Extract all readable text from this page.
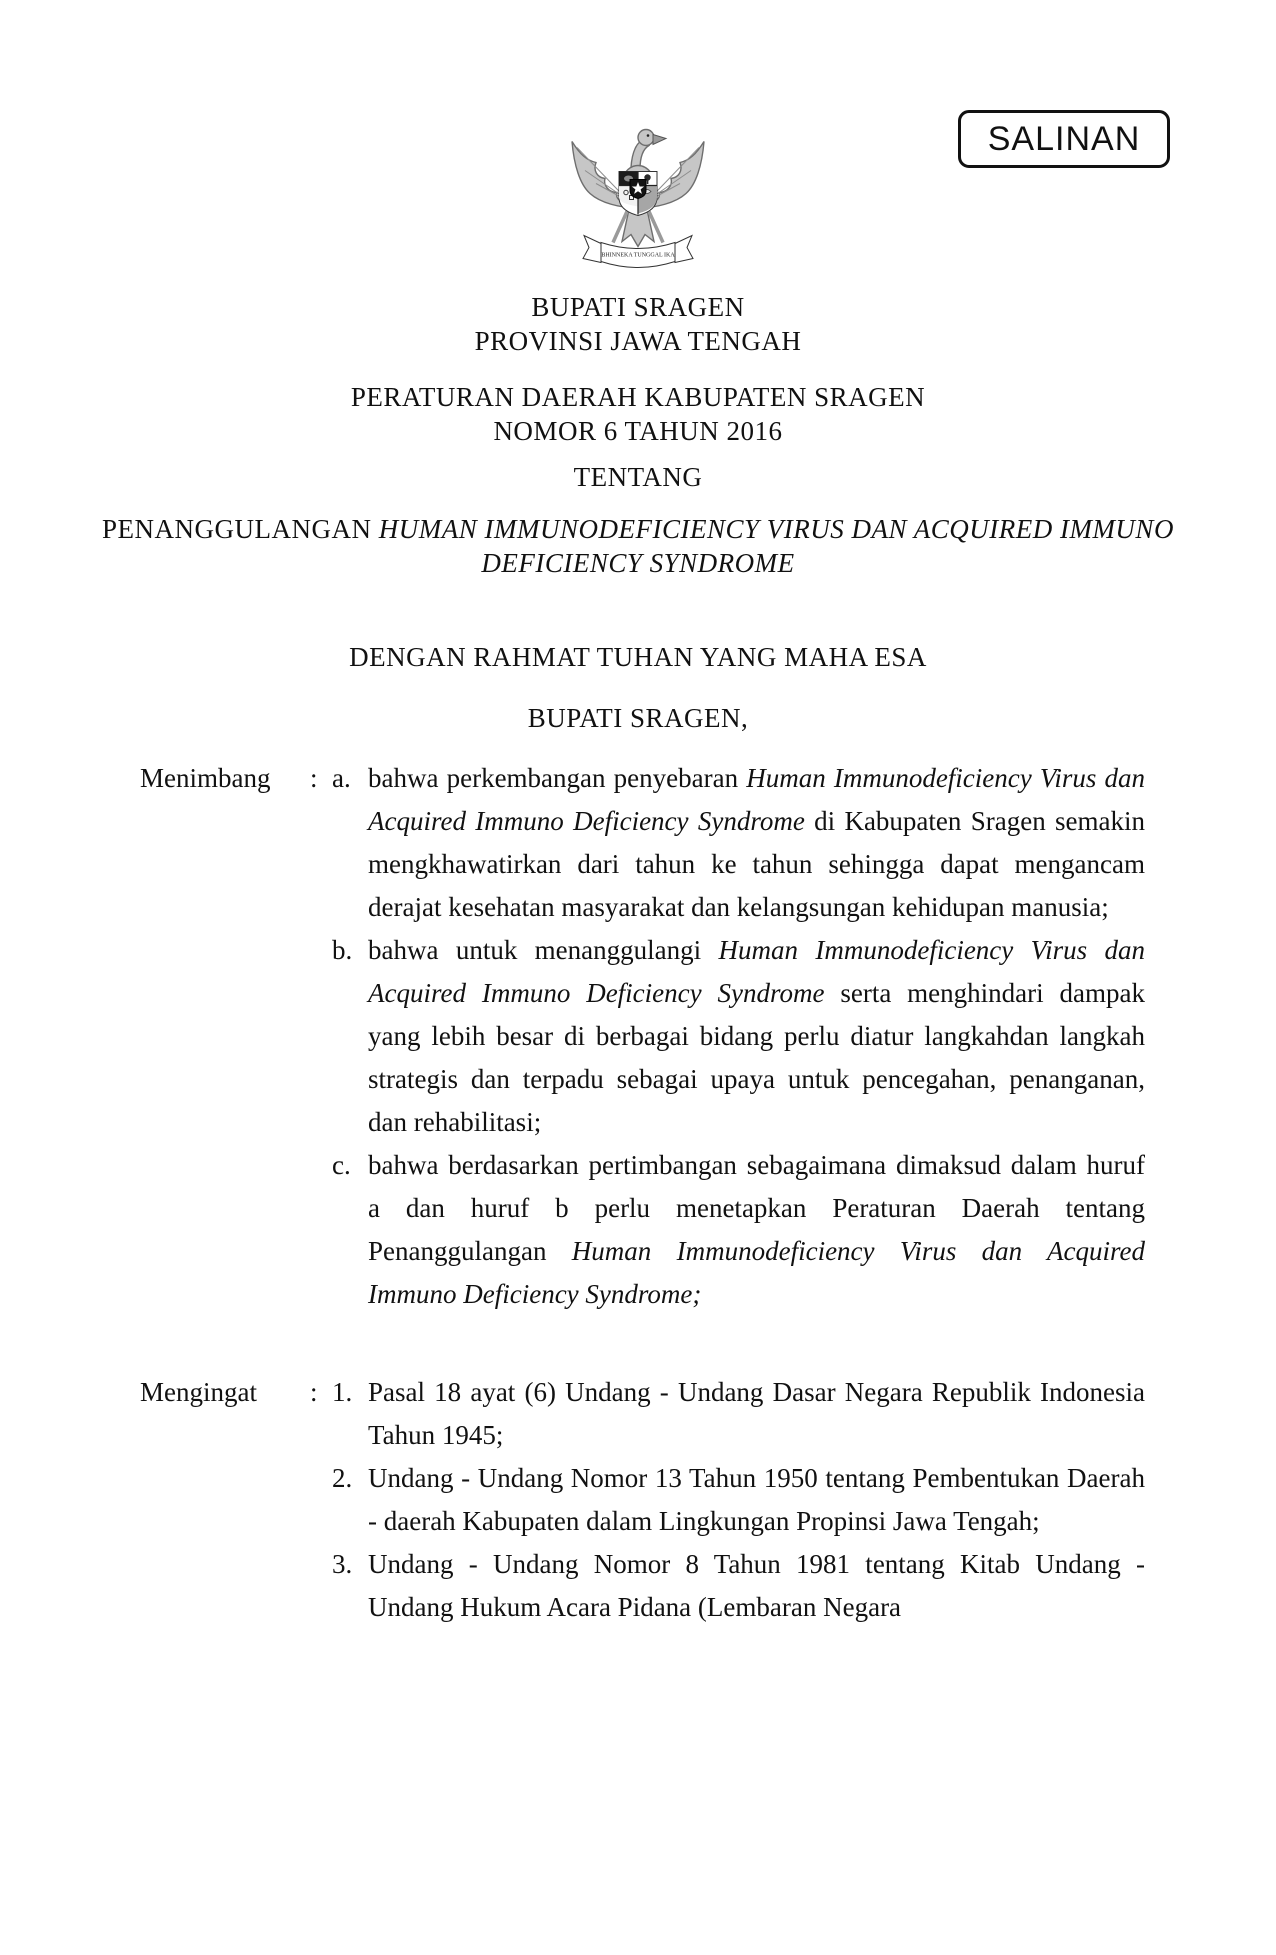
SALINAN
BHINNEKA TUNGGAL IKA
BUPATI SRAGEN
PROVINSI JAWA TENGAH
PERATURAN DAERAH KABUPATEN SRAGEN
NOMOR 6 TAHUN 2016
TENTANG
PENANGGULANGAN HUMAN IMMUNODEFICIENCY VIRUS DAN ACQUIRED IMMUNO DEFICIENCY SYNDROME
DENGAN RAHMAT TUHAN YANG MAHA ESA
BUPATI SRAGEN,
Menimbang	: a. bahwa perkembangan penyebaran Human Immunodeficiency Virus dan Acquired Immuno Deficiency Syndrome di Kabupaten Sragen semakin mengkhawatirkan dari tahun ke tahun sehingga dapat mengancam derajat kesehatan masyarakat dan kelangsungan kehidupan manusia;
b. bahwa untuk menanggulangi Human Immunodeficiency Virus dan Acquired Immuno Deficiency Syndrome serta menghindari dampak yang lebih besar di berbagai bidang perlu diatur langkahdan langkah strategis dan terpadu sebagai upaya untuk pencegahan, penanganan, dan rehabilitasi;
c. bahwa berdasarkan pertimbangan sebagaimana dimaksud dalam huruf a dan huruf b perlu menetapkan Peraturan Daerah tentang Penanggulangan Human Immunodeficiency Virus dan Acquired Immuno Deficiency Syndrome;
Mengingat	: 1. Pasal 18 ayat (6) Undang - Undang Dasar Negara Republik Indonesia Tahun 1945;
2. Undang - Undang Nomor 13 Tahun 1950 tentang Pembentukan Daerah - daerah Kabupaten dalam Lingkungan Propinsi Jawa Tengah;
3. Undang - Undang Nomor 8 Tahun 1981 tentang Kitab Undang - Undang Hukum Acara Pidana (Lembaran Negara
